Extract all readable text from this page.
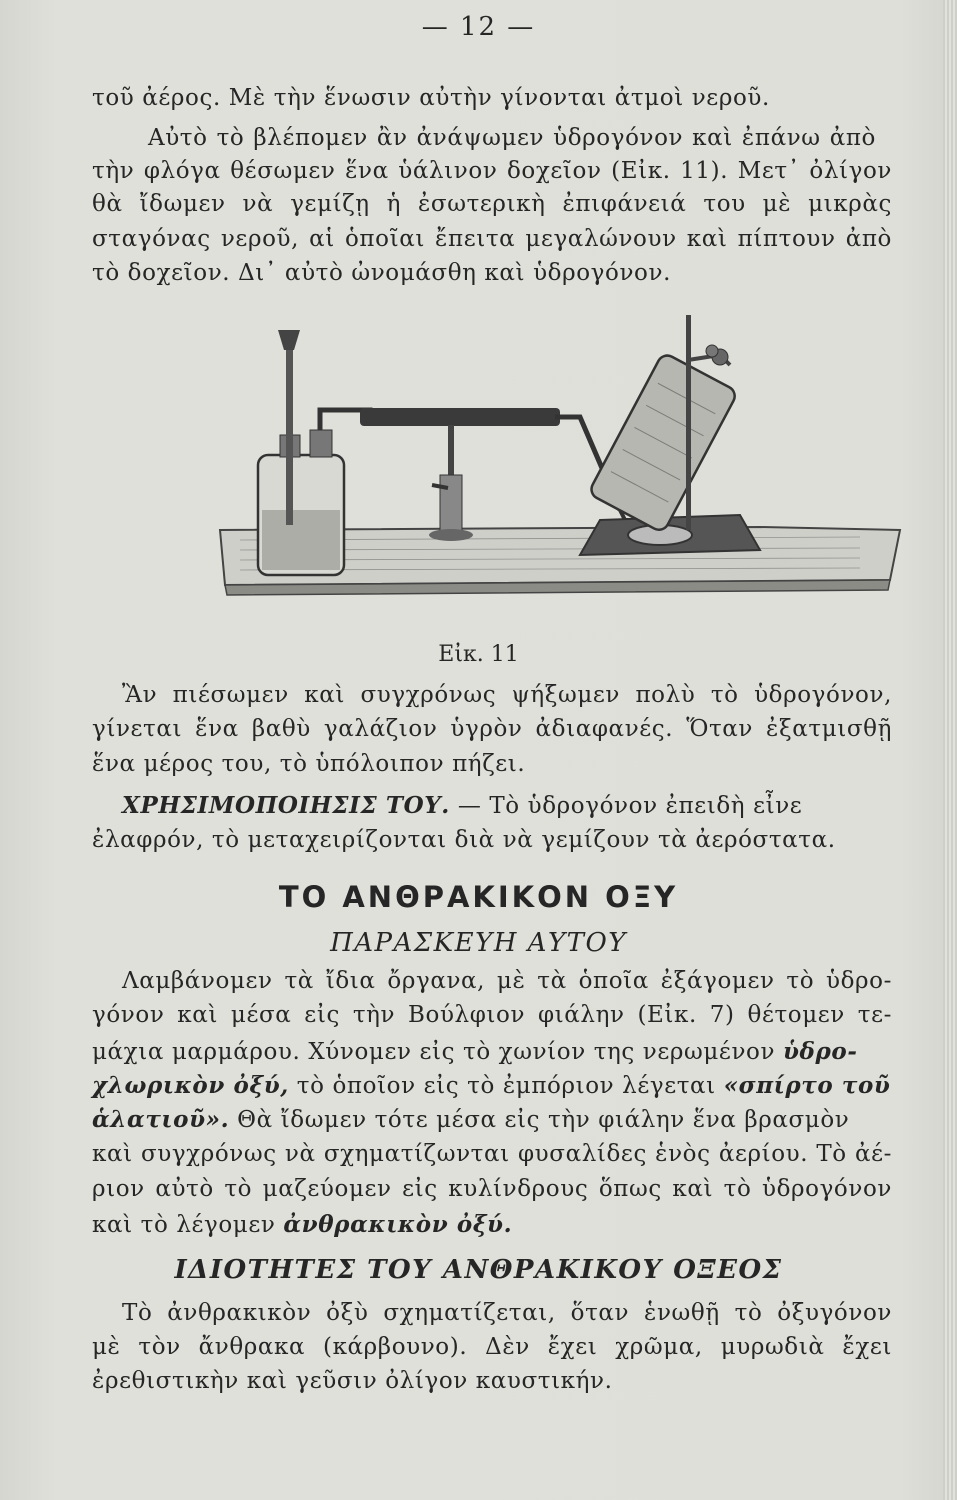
— 12 —
τοῦ ἀέρος. Μὲ τὴν ἕνωσιν αὐτὴν γίνονται ἀτμοὶ νεροῦ.
Αὐτὸ τὸ βλέπομεν ἂν ἀνάψωμεν ὑδρογόνον καὶ ἐπάνω ἀπὸ
τὴν φλόγα θέσωμεν ἕνα ὑάλινον δοχεῖον (Εἰκ. 11). Μετ᾽ ὀλίγον
θὰ ἴδωμεν νὰ γεμίζῃ ἡ ἐσωτερικὴ ἐπιφάνειά του μὲ μικρὰς
σταγόνας νεροῦ, αἱ ὁποῖαι ἔπειτα μεγαλώνουν καὶ πίπτουν ἀπὸ
τὸ δοχεῖον. Δι᾽ αὐτὸ ὠνομάσθη καὶ ὑδρογόνον.
Εἰκ. 11
Ἂν πιέσωμεν καὶ συγχρόνως ψήξωμεν πολὺ τὸ ὑδρογόνον,
γίνεται ἕνα βαθὺ γαλάζιον ὑγρὸν ἀδιαφανές. Ὅταν ἐξατμισθῇ
ἕνα μέρος του, τὸ ὑπόλοιπον πήζει.
ΧΡΗΣΙΜΟΠΟΙΗΣΙΣ ΤΟΥ. — Τὸ ὑδρογόνον ἐπειδὴ εἶνε
ἐλαφρόν, τὸ μεταχειρίζονται διὰ νὰ γεμίζουν τὰ ἀερόστατα.
ΤΟ ΑΝΘΡΑΚΙΚΟΝ ΟΞΥ
ΠΑΡΑΣΚΕΥΗ ΑΥΤΟΥ
Λαμβάνομεν τὰ ἴδια ὄργανα, μὲ τὰ ὁποῖα ἐξάγομεν τὸ ὑδρο-
γόνον καὶ μέσα εἰς τὴν Βούλφιον φιάλην (Εἰκ. 7) θέτομεν τε-
μάχια μαρμάρου. Χύνομεν εἰς τὸ χωνίον της νερωμένον ὑδρο-
χλωρικὸν ὀξύ, τὸ ὁποῖον εἰς τὸ ἐμπόριον λέγεται «σπίρτο τοῦ
ἁλατιοῦ». Θὰ ἴδωμεν τότε μέσα εἰς τὴν φιάλην ἕνα βρασμὸν
καὶ συγχρόνως νὰ σχηματίζωνται φυσαλίδες ἑνὸς ἀερίου. Τὸ ἀέ-
ριον αὐτὸ τὸ μαζεύομεν εἰς κυλίνδρους ὅπως καὶ τὸ ὑδρογόνον
καὶ τὸ λέγομεν ἀνθρακικὸν ὀξύ.
ΙΔΙΟΤΗΤΕΣ ΤΟΥ ΑΝΘΡΑΚΙΚΟΥ ΟΞΕΟΣ
Τὸ ἀνθρακικὸν ὀξὺ σχηματίζεται, ὅταν ἑνωθῇ τὸ ὀξυγόνον
μὲ τὸν ἄνθρακα (κάρβουνο). Δὲν ἔχει χρῶμα, μυρωδιὰ ἔχει
ἐρεθιστικὴν καὶ γεῦσιν ὀλίγον καυστικήν.
